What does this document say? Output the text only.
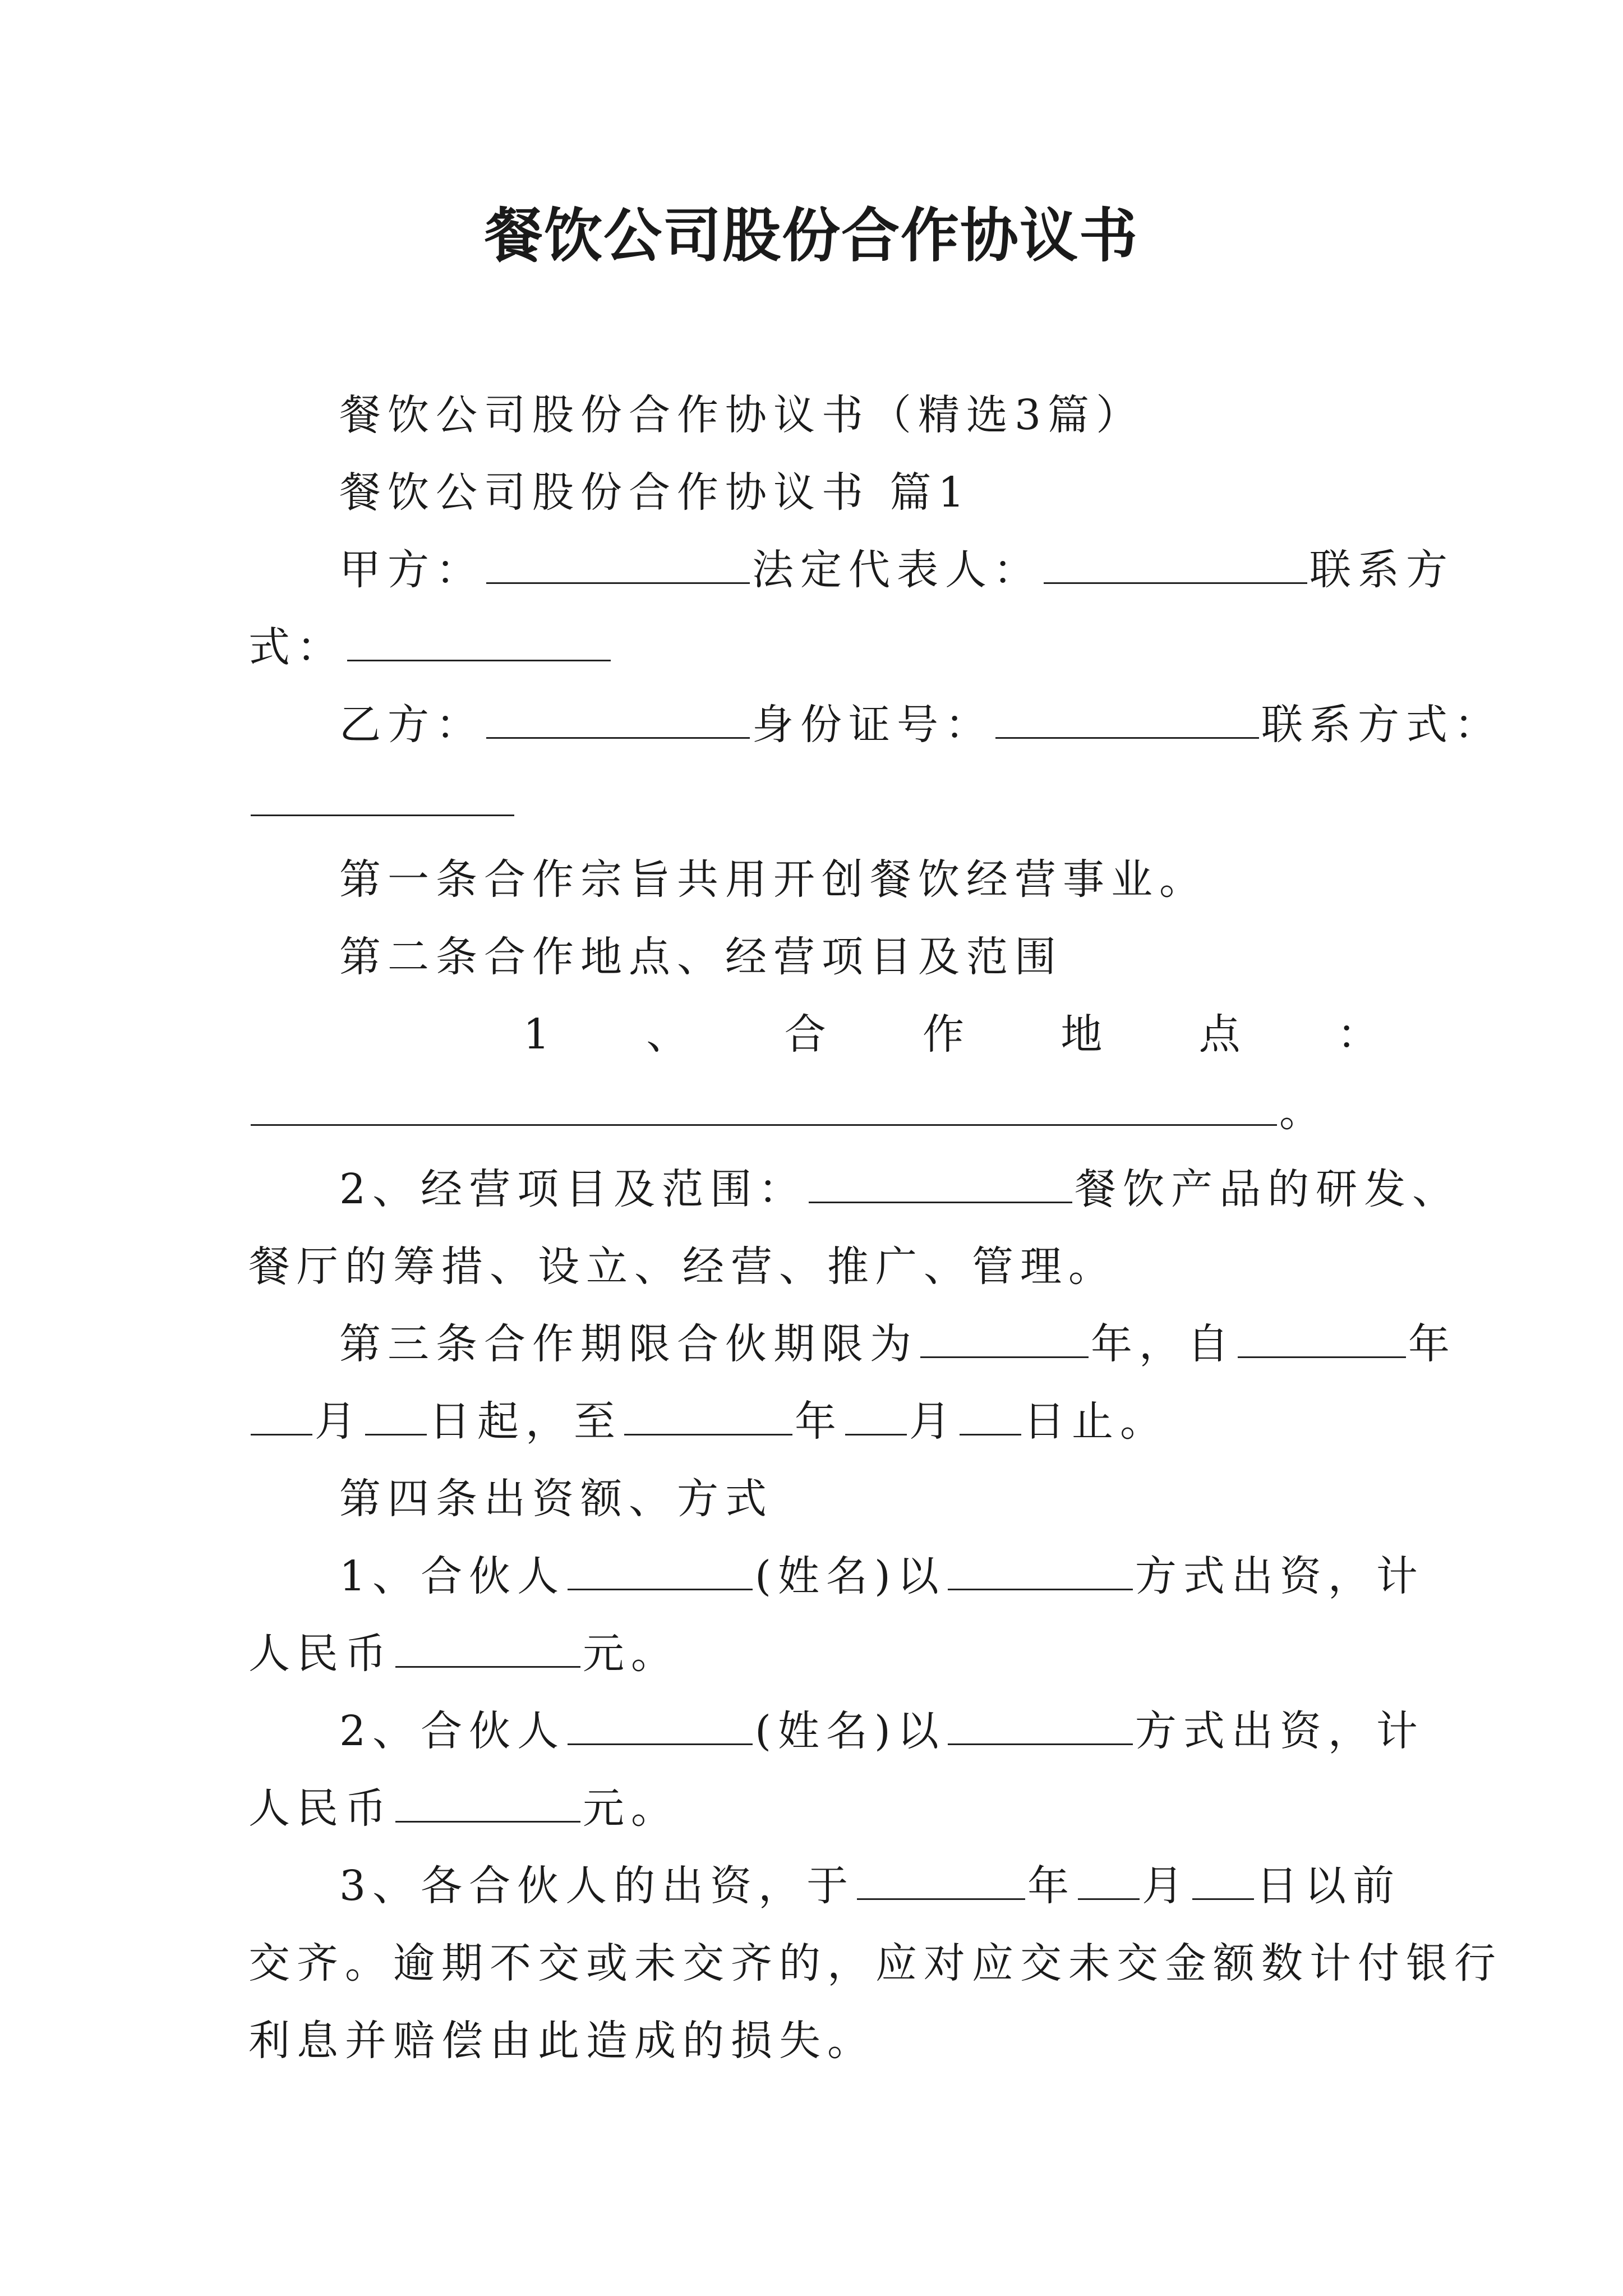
餐饮公司股份合作协议书
餐饮公司股份合作协议书（精选3篇）
餐饮公司股份合作协议书 篇1
甲方：	法定代表人：	联系方
式：
乙方：	身份证号：	联系方式：
第一条合作宗旨共用开创餐饮经营事业。
第二条合作地点、经营项目及范围
1 、 合 作 地 点 ：
。
2、经营项目及范围：	餐饮产品的研发、
餐厅的筹措、设立、经营、推广、管理。
第三条合作期限合伙期限为	年，自	年
月 日起，至	年 月 日止。
第四条出资额、方式
1、合伙人	(姓名)以	方式出资，计
人民币	元。
2、合伙人	(姓名)以	方式出资，计
人民币	元。
3、各合伙人的出资，于	年 月 日以前
交齐。逾期不交或未交齐的，应对应交未交金额数计付银行
利息并赔偿由此造成的损失。
